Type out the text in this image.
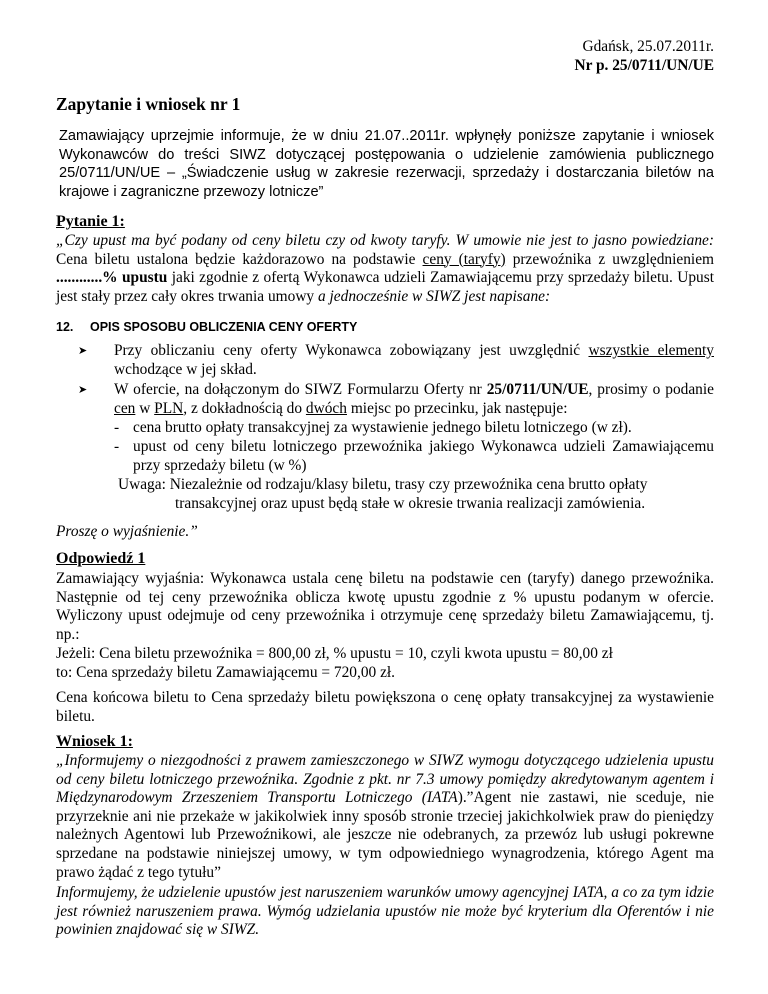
Gdańsk, 25.07.2011r.
Nr p. 25/0711/UN/UE
Zapytanie i wniosek nr 1
Zamawiający uprzejmie informuje, że w dniu 21.07..2011r. wpłynęły poniższe zapytanie i wniosek Wykonawców do treści SIWZ dotyczącej postępowania o udzielenie zamówienia publicznego 25/0711/UN/UE – „Świadczenie usług w zakresie rezerwacji, sprzedaży i dostarczania biletów na krajowe i zagraniczne przewozy lotnicze”
Pytanie 1:
„Czy upust ma być podany od ceny biletu czy od kwoty taryfy. W umowie nie jest to jasno powiedziane: Cena biletu ustalona będzie każdorazowo na podstawie ceny (taryfy) przewoźnika z uwzględnieniem ............% upustu jaki zgodnie z ofertą Wykonawca udzieli Zamawiającemu przy sprzedaży biletu. Upust jest stały przez cały okres trwania umowy a jednocześnie w SIWZ jest napisane:
12. OPIS SPOSOBU OBLICZENIA CENY OFERTY
➤ Przy obliczaniu ceny oferty Wykonawca zobowiązany jest uwzględnić wszystkie elementy wchodzące w jej skład.
➤ W ofercie, na dołączonym do SIWZ Formularzu Oferty nr 25/0711/UN/UE, prosimy o podanie cen w PLN, z dokładnością do dwóch miejsc po przecinku, jak następuje:
- cena brutto opłaty transakcyjnej za wystawienie jednego biletu lotniczego (w zł).
- upust od ceny biletu lotniczego przewoźnika jakiego Wykonawca udzieli Zamawiającemu przy sprzedaży biletu (w %)
Uwaga: Niezależnie od rodzaju/klasy biletu, trasy czy przewoźnika cena brutto opłaty
transakcyjnej oraz upust będą stałe w okresie trwania realizacji zamówienia.
Proszę o wyjaśnienie.”
Odpowiedź 1
Zamawiający wyjaśnia: Wykonawca ustala cenę biletu na podstawie cen (taryfy) danego przewoźnika. Następnie od tej ceny przewoźnika oblicza kwotę upustu zgodnie z % upustu podanym w ofercie. Wyliczony upust odejmuje od ceny przewoźnika i otrzymuje cenę sprzedaży biletu Zamawiającemu, tj. np.:
Jeżeli: Cena biletu przewoźnika = 800,00 zł, % upustu = 10, czyli kwota upustu = 80,00 zł
to: Cena sprzedaży biletu Zamawiającemu = 720,00 zł.
Cena końcowa biletu to Cena sprzedaży biletu powiększona o cenę opłaty transakcyjnej za wystawienie biletu.
Wniosek 1:
„Informujemy o niezgodności z prawem zamieszczonego w SIWZ wymogu dotyczącego udzielenia upustu od ceny biletu lotniczego przewoźnika. Zgodnie z pkt. nr 7.3 umowy pomiędzy akredytowanym agentem i Międzynarodowym Zrzeszeniem Transportu Lotniczego (IATA).”Agent nie zastawi, nie sceduje, nie przyrzeknie ani nie przekaże w jakikolwiek inny sposób stronie trzeciej jakichkolwiek praw do pieniędzy należnych Agentowi lub Przewoźnikowi, ale jeszcze nie odebranych, za przewóz lub usługi pokrewne sprzedane na podstawie niniejszej umowy, w tym odpowiedniego wynagrodzenia, którego Agent ma prawo żądać z tego tytułu”
Informujemy, że udzielenie upustów jest naruszeniem warunków umowy agencyjnej IATA, a co za tym idzie jest również naruszeniem prawa. Wymóg udzielania upustów nie może być kryterium dla Oferentów i nie powinien znajdować się w SIWZ.
